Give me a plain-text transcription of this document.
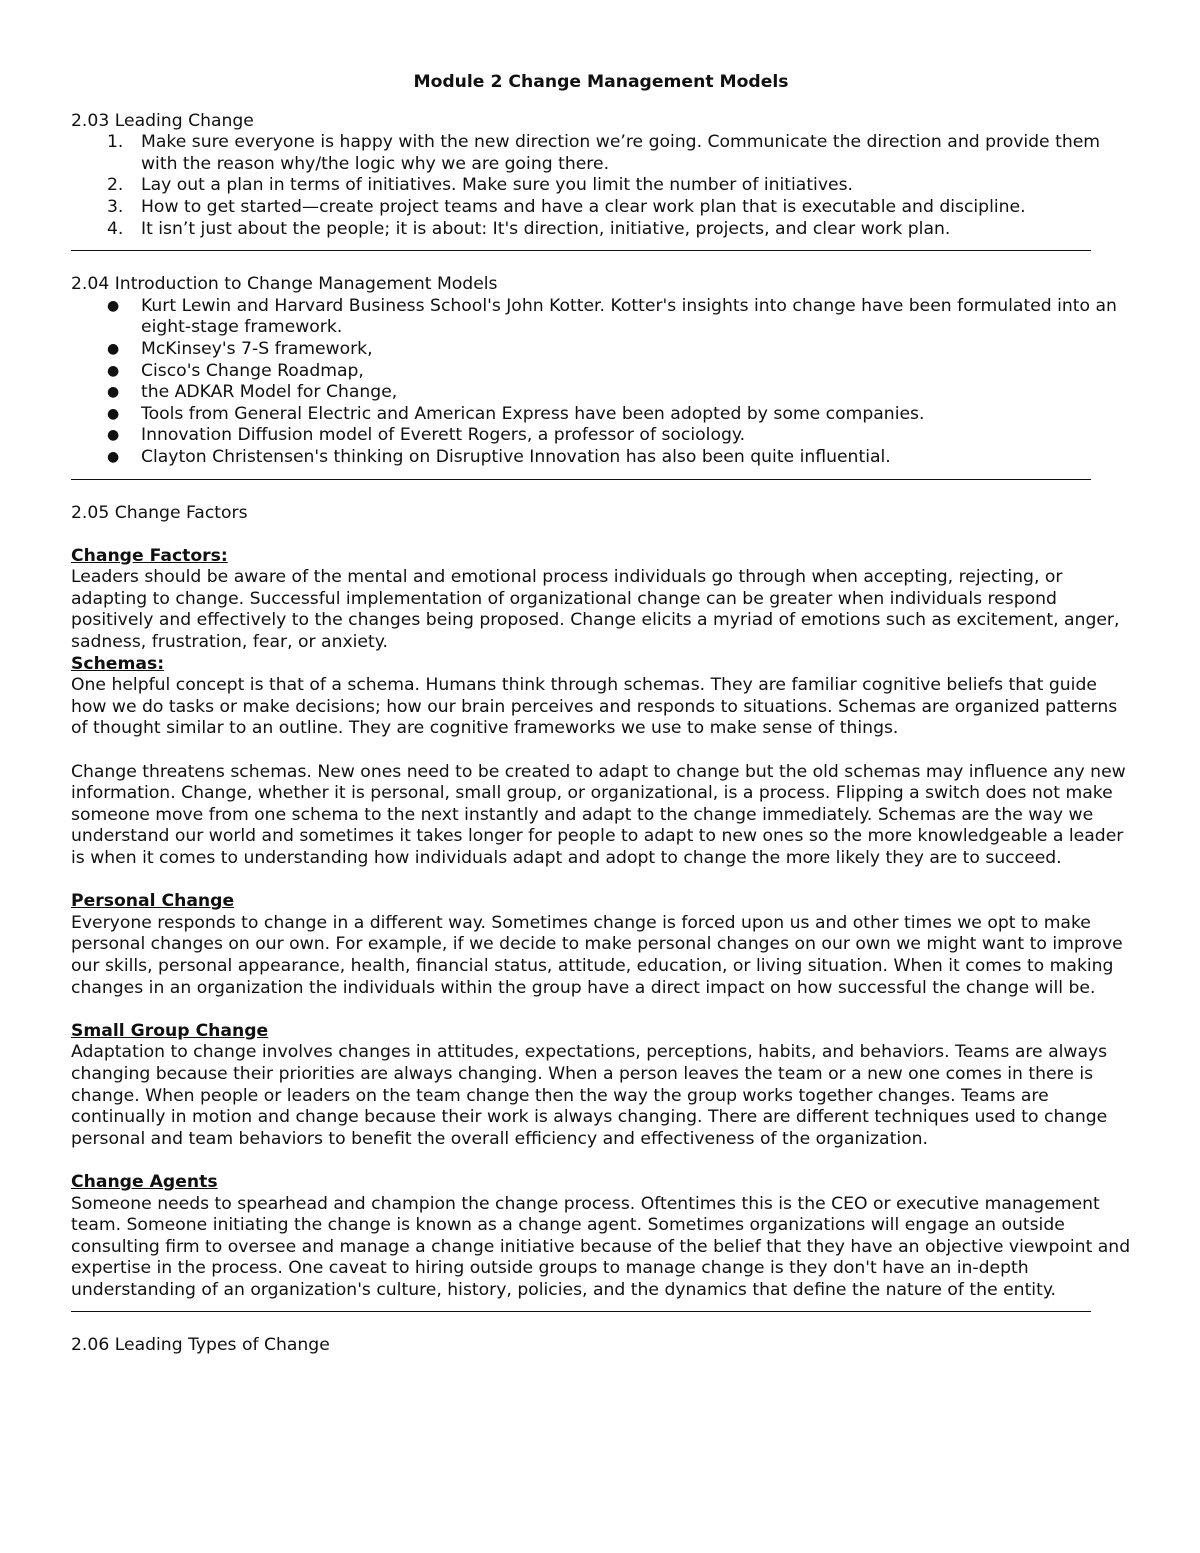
Module 2 Change Management Models
2.03 Leading Change
1. Make sure everyone is happy with the new direction we’re going. Communicate the direction and provide them with the reason why/the logic why we are going there.
2. Lay out a plan in terms of initiatives. Make sure you limit the number of initiatives.
3. How to get started—create project teams and have a clear work plan that is executable and discipline.
4. It isn’t just about the people; it is about: It's direction, initiative, projects, and clear work plan.
2.04 Introduction to Change Management Models
● Kurt Lewin and Harvard Business School's John Kotter. Kotter's insights into change have been formulated into an eight-stage framework.
● McKinsey's 7-S framework,
● Cisco's Change Roadmap,
● the ADKAR Model for Change,
● Tools from General Electric and American Express have been adopted by some companies.
● Innovation Diffusion model of Everett Rogers, a professor of sociology.
● Clayton Christensen's thinking on Disruptive Innovation has also been quite influential.
2.05 Change Factors
Change Factors:

Leaders should be aware of the mental and emotional process individuals go through when accepting, rejecting, or adapting to change. Successful implementation of organizational change can be greater when individuals respond positively and effectively to the changes being proposed. Change elicits a myriad of emotions such as excitement, anger, sadness, frustration, fear, or anxiety.

Schemas:

One helpful concept is that of a schema. Humans think through schemas. They are familiar cognitive beliefs that guide how we do tasks or make decisions; how our brain perceives and responds to situations. Schemas are organized patterns of thought similar to an outline. They are cognitive frameworks we use to make sense of things.

Change threatens schemas. New ones need to be created to adapt to change but the old schemas may influence any new information. Change, whether it is personal, small group, or organizational, is a process. Flipping a switch does not make someone move from one schema to the next instantly and adapt to the change immediately. Schemas are the way we understand our world and sometimes it takes longer for people to adapt to new ones so the more knowledgeable a leader is when it comes to understanding how individuals adapt and adopt to change the more likely they are to succeed.

Personal Change

Everyone responds to change in a different way. Sometimes change is forced upon us and other times we opt to make personal changes on our own. For example, if we decide to make personal changes on our own we might want to improve our skills, personal appearance, health, financial status, attitude, education, or living situation. When it comes to making changes in an organization the individuals within the group have a direct impact on how successful the change will be.

Small Group Change

Adaptation to change involves changes in attitudes, expectations, perceptions, habits, and behaviors. Teams are always changing because their priorities are always changing. When a person leaves the team or a new one comes in there is change. When people or leaders on the team change then the way the group works together changes. Teams are continually in motion and change because their work is always changing. There are different techniques used to change personal and team behaviors to benefit the overall efficiency and effectiveness of the organization.

Change Agents

Someone needs to spearhead and champion the change process. Oftentimes this is the CEO or executive management team. Someone initiating the change is known as a change agent. Sometimes organizations will engage an outside consulting firm to oversee and manage a change initiative because of the belief that they have an objective viewpoint and expertise in the process. One caveat to hiring outside groups to manage change is they don't have an in-depth understanding of an organization's culture, history, policies, and the dynamics that define the nature of the entity.

2.06 Leading Types of Change
